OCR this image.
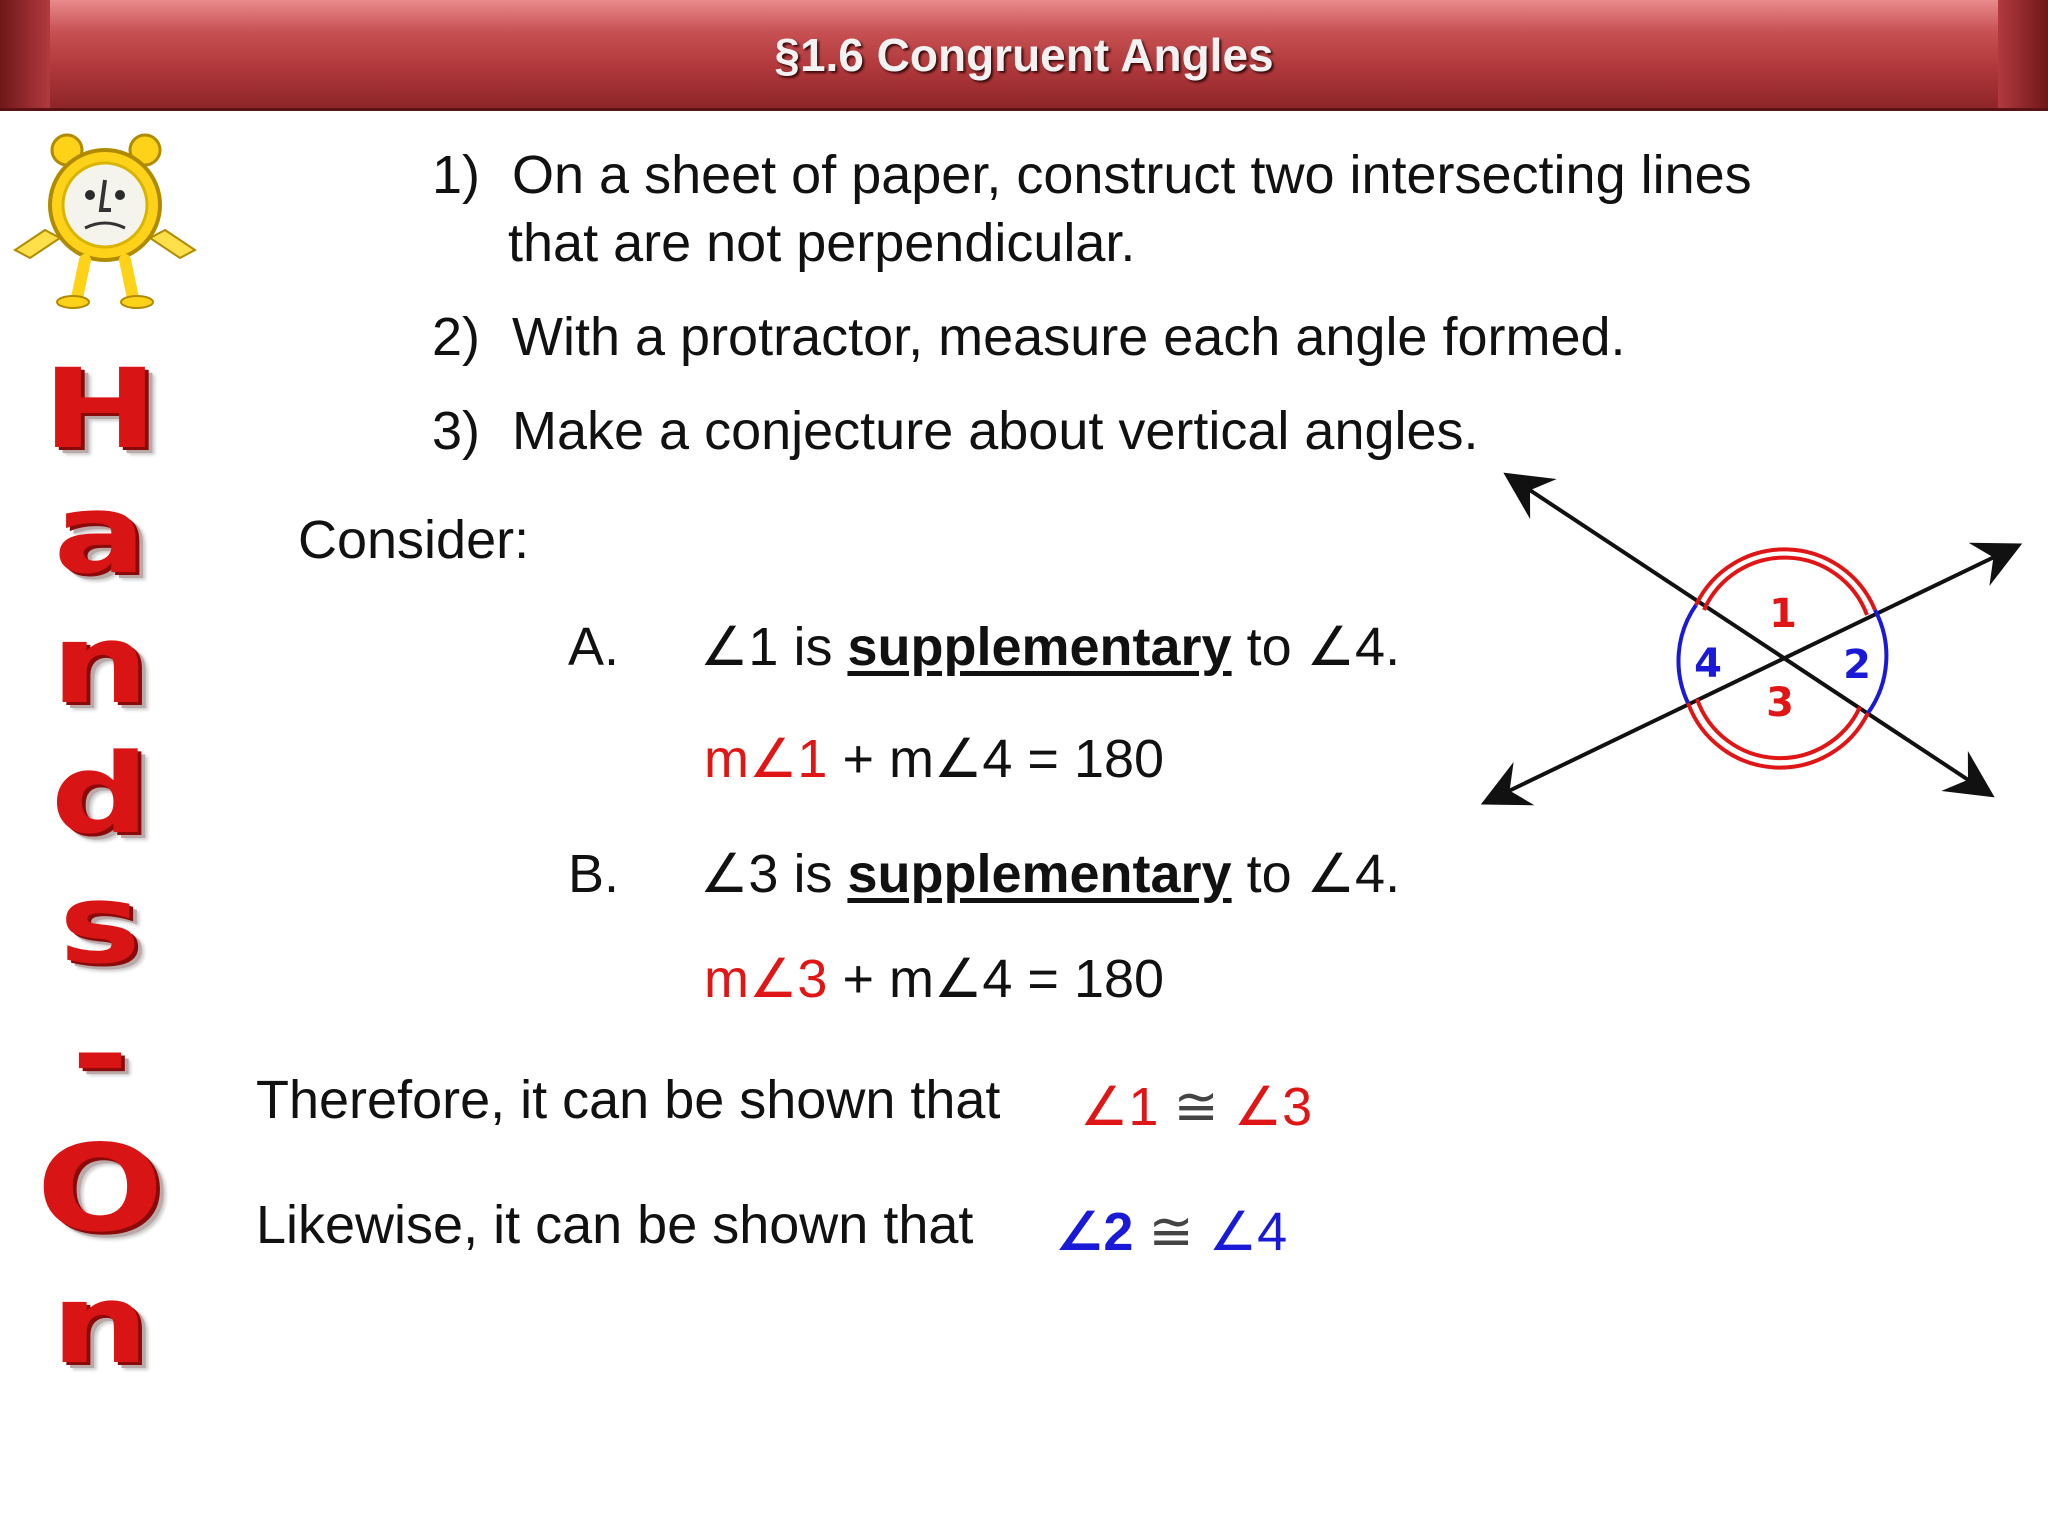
§1.6 Congruent Angles
H
a
n
d
s
-
O
n
1) On a sheet of paper, construct two intersecting lines
that are not perpendicular.
2) With a protractor, measure each angle formed.
3) Make a conjecture about vertical angles.
Consider:
A. ∠1 is supplementary to ∠4.
m∠1 + m∠4 = 180
B. ∠3 is supplementary to ∠4.
m∠3 + m∠4 = 180
Therefore, it can be shown that ∠1 ≅ ∠3
Likewise, it can be shown that ∠2 ≅ ∠4
1
2
3
4
